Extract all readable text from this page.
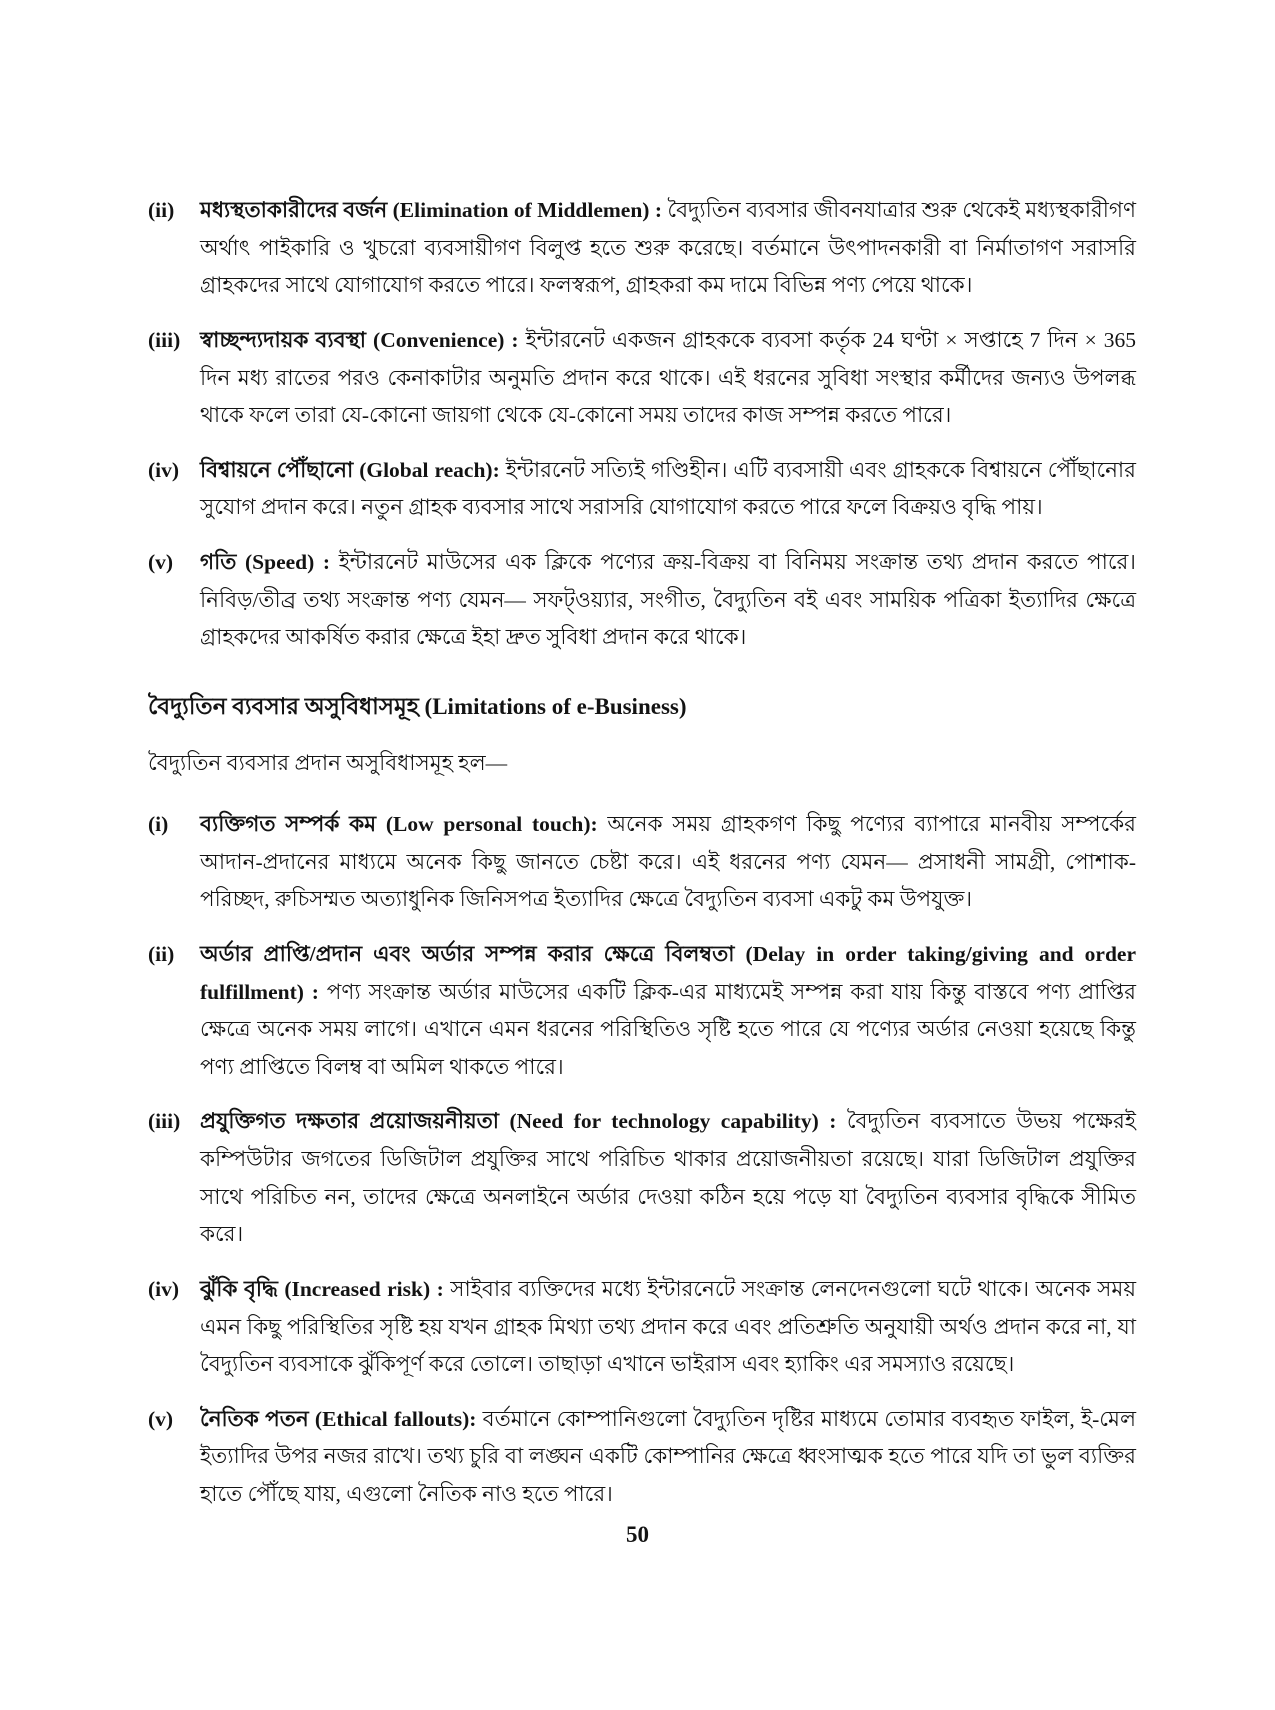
(ii)	মধ্যস্থতাকারীদের বর্জন (Elimination of Middlemen) : বৈদ্যুতিন ব্যবসার জীবনযাত্রার শুরু থেকেই মধ্যস্থকারীগণ অর্থাৎ পাইকারি ও খুচরো ব্যবসায়ীগণ বিলুপ্ত হতে শুরু করেছে। বর্তমানে উৎপাদনকারী বা নির্মাতাগণ সরাসরি গ্রাহকদের সাথে যোগাযোগ করতে পারে। ফলস্বরূপ, গ্রাহকরা কম দামে বিভিন্ন পণ্য পেয়ে থাকে।
(iii) স্বাচ্ছন্দ্যদায়ক ব্যবস্থা (Convenience) : ইন্টারনেট একজন গ্রাহককে ব্যবসা কর্তৃক 24 ঘণ্টা × সপ্তাহে 7 দিন × 365 দিন মধ্য রাতের পরও কেনাকাটার অনুমতি প্রদান করে থাকে। এই ধরনের সুবিধা সংস্থার কর্মীদের জন্যও উপলব্ধ থাকে ফলে তারা যে-কোনো জায়গা থেকে যে-কোনো সময় তাদের কাজ সম্পন্ন করতে পারে।
(iv) বিশ্বায়নে পৌঁছানো (Global reach): ইন্টারনেট সত্যিই গণ্ডিহীন। এটি ব্যবসায়ী এবং গ্রাহককে বিশ্বায়নে পৌঁছানোর সুযোগ প্রদান করে। নতুন গ্রাহক ব্যবসার সাথে সরাসরি যোগাযোগ করতে পারে ফলে বিক্রয়ও বৃদ্ধি পায়।
(v)	গতি (Speed) : ইন্টারনেট মাউসের এক ক্লিকে পণ্যের ক্রয়-বিক্রয় বা বিনিময় সংক্রান্ত তথ্য প্রদান করতে পারে। নিবিড়/তীব্র তথ্য সংক্রান্ত পণ্য যেমন— সফট্‌ওয়্যার, সংগীত, বৈদ্যুতিন বই এবং সাময়িক পত্রিকা ইত্যাদির ক্ষেত্রে গ্রাহকদের আকর্ষিত করার ক্ষেত্রে ইহা দ্রুত সুবিধা প্রদান করে থাকে।
বৈদ্যুতিন ব্যবসার অসুবিধাসমূহ (Limitations of e-Business)
বৈদ্যুতিন ব্যবসার প্রদান অসুবিধাসমূহ হল—
(i)	ব্যক্তিগত সম্পর্ক কম (Low personal touch): অনেক সময় গ্রাহকগণ কিছু পণ্যের ব্যাপারে মানবীয় সম্পর্কের আদান-প্রদানের মাধ্যমে অনেক কিছু জানতে চেষ্টা করে। এই ধরনের পণ্য যেমন— প্রসাধনী সামগ্রী, পোশাক-পরিচ্ছদ, রুচিসম্মত অত্যাধুনিক জিনিসপত্র ইত্যাদির ক্ষেত্রে বৈদ্যুতিন ব্যবসা একটু কম উপযুক্ত।
(ii)	অর্ডার প্রাপ্তি/প্রদান এবং অর্ডার সম্পন্ন করার ক্ষেত্রে বিলম্বতা (Delay in order taking/giving and order fulfillment) : পণ্য সংক্রান্ত অর্ডার মাউসের একটি ক্লিক-এর মাধ্যমেই সম্পন্ন করা যায় কিন্তু বাস্তবে পণ্য প্রাপ্তির ক্ষেত্রে অনেক সময় লাগে। এখানে এমন ধরনের পরিস্থিতিও সৃষ্টি হতে পারে যে পণ্যের অর্ডার নেওয়া হয়েছে কিন্তু পণ্য প্রাপ্তিতে বিলম্ব বা অমিল থাকতে পারে।
(iii) প্রযুক্তিগত দক্ষতার প্রয়োজয়নীয়তা (Need for technology capability) : বৈদ্যুতিন ব্যবসাতে উভয় পক্ষেরই কম্পিউটার জগতের ডিজিটাল প্রযুক্তির সাথে পরিচিত থাকার প্রয়োজনীয়তা রয়েছে। যারা ডিজিটাল প্রযুক্তির সাথে পরিচিত নন, তাদের ক্ষেত্রে অনলাইনে অর্ডার দেওয়া কঠিন হয়ে পড়ে যা বৈদ্যুতিন ব্যবসার বৃদ্ধিকে সীমিত করে।
(iv) ঝুঁকি বৃদ্ধি (Increased risk) : সাইবার ব্যক্তিদের মধ্যে ইন্টারনেটে সংক্রান্ত লেনদেনগুলো ঘটে থাকে। অনেক সময় এমন কিছু পরিস্থিতির সৃষ্টি হয় যখন গ্রাহক মিথ্যা তথ্য প্রদান করে এবং প্রতিশ্রুতি অনুযায়ী অর্থও প্রদান করে না, যা বৈদ্যুতিন ব্যবসাকে ঝুঁকিপূর্ণ করে তোলে। তাছাড়া এখানে ভাইরাস এবং হ্যাকিং এর সমস্যাও রয়েছে।
(v)	নৈতিক পতন (Ethical fallouts): বর্তমানে কোম্পানিগুলো বৈদ্যুতিন দৃষ্টির মাধ্যমে তোমার ব্যবহৃত ফাইল, ই-মেল ইত্যাদির উপর নজর রাখে। তথ্য চুরি বা লঙ্ঘন একটি কোম্পানির ক্ষেত্রে ধ্বংসাত্মক হতে পারে যদি তা ভুল ব্যক্তির হাতে পৌঁছে যায়, এগুলো নৈতিক নাও হতে পারে।
50
